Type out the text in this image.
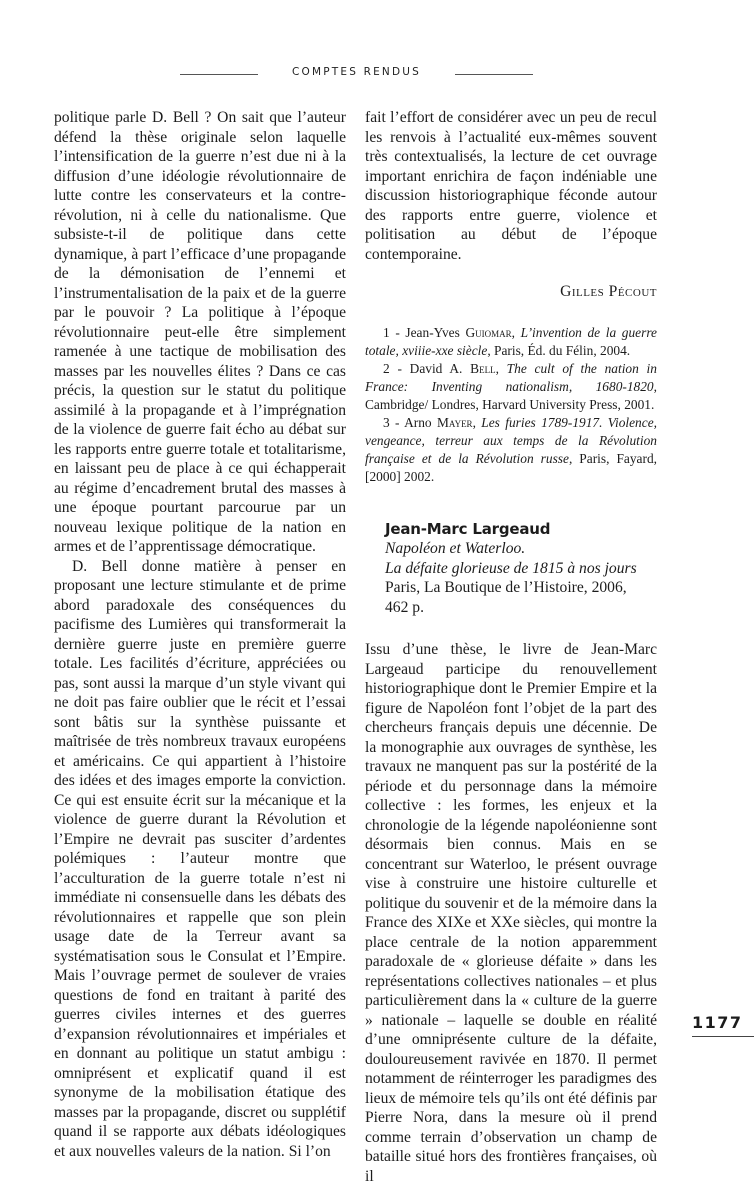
COMPTES RENDUS

politique parle D. Bell ? On sait que l’auteur défend la thèse originale selon laquelle l’intensification de la guerre n’est due ni à la diffusion d’une idéologie révolutionnaire de lutte contre les conservateurs et la contre-révolution, ni à celle du nationalisme. Que subsiste-t-il de politique dans cette dynamique, à part l’efficace d’une propagande de la démonisation de l’ennemi et l’instrumentalisation de la paix et de la guerre par le pouvoir ? La politique à l’époque révolutionnaire peut-elle être simplement ramenée à une tactique de mobilisation des masses par les nouvelles élites ? Dans ce cas précis, la question sur le statut du politique assimilé à la propagande et à l’imprégnation de la violence de guerre fait écho au débat sur les rapports entre guerre totale et totalitarisme, en laissant peu de place à ce qui échapperait au régime d’encadrement brutal des masses à une époque pourtant parcourue par un nouveau lexique politique de la nation en armes et de l’apprentissage démocratique.

D. Bell donne matière à penser en proposant une lecture stimulante et de prime abord paradoxale des conséquences du pacifisme des Lumières qui transformerait la dernière guerre juste en première guerre totale. Les facilités d’écriture, appréciées ou pas, sont aussi la marque d’un style vivant qui ne doit pas faire oublier que le récit et l’essai sont bâtis sur la synthèse puissante et maîtrisée de très nombreux travaux européens et américains. Ce qui appartient à l’histoire des idées et des images emporte la conviction. Ce qui est ensuite écrit sur la mécanique et la violence de guerre durant la Révolution et l’Empire ne devrait pas susciter d’ardentes polémiques : l’auteur montre que l’acculturation de la guerre totale n’est ni immédiate ni consensuelle dans les débats des révolutionnaires et rappelle que son plein usage date de la Terreur avant sa systématisation sous le Consulat et l’Empire. Mais l’ouvrage permet de soulever de vraies questions de fond en traitant à parité des guerres civiles internes et des guerres d’expansion révolutionnaires et impériales et en donnant au politique un statut ambigu : omniprésent et explicatif quand il est synonyme de la mobilisation étatique des masses par la propagande, discret ou supplétif quand il se rapporte aux débats idéologiques et aux nouvelles valeurs de la nation. Si l’on

fait l’effort de considérer avec un peu de recul les renvois à l’actualité eux-mêmes souvent très contextualisés, la lecture de cet ouvrage important enrichira de façon indéniable une discussion historiographique féconde autour des rapports entre guerre, violence et politisation au début de l’époque contemporaine.

Gilles Pécout

1 - Jean-Yves Guiomar, L’invention de la guerre totale, xviiie-xxe siècle, Paris, Éd. du Félin, 2004.

2 - David A. Bell, The cult of the nation in France: Inventing nationalism, 1680-1820, Cambridge/ Londres, Harvard University Press, 2001.

3 - Arno Mayer, Les furies 1789-1917. Violence, vengeance, terreur aux temps de la Révolution française et de la Révolution russe, Paris, Fayard, [2000] 2002.

Jean-Marc Largeaud
Napoléon et Waterloo.
La défaite glorieuse de 1815 à nos jours
Paris, La Boutique de l’Histoire, 2006,
462 p.

Issu d’une thèse, le livre de Jean-Marc Largeaud participe du renouvellement historiographique dont le Premier Empire et la figure de Napoléon font l’objet de la part des chercheurs français depuis une décennie. De la monographie aux ouvrages de synthèse, les travaux ne manquent pas sur la postérité de la période et du personnage dans la mémoire collective : les formes, les enjeux et la chronologie de la légende napoléonienne sont désormais bien connus. Mais en se concentrant sur Waterloo, le présent ouvrage vise à construire une histoire culturelle et politique du souvenir et de la mémoire dans la France des XIXe et XXe siècles, qui montre la place centrale de la notion apparemment paradoxale de « glorieuse défaite » dans les représentations collectives nationales – et plus particulièrement dans la « culture de la guerre » nationale – laquelle se double en réalité d’une omniprésente culture de la défaite, douloureusement ravivée en 1870. Il permet notamment de réinterroger les paradigmes des lieux de mémoire tels qu’ils ont été définis par Pierre Nora, dans la mesure où il prend comme terrain d’observation un champ de bataille situé hors des frontières françaises, où il

1177
